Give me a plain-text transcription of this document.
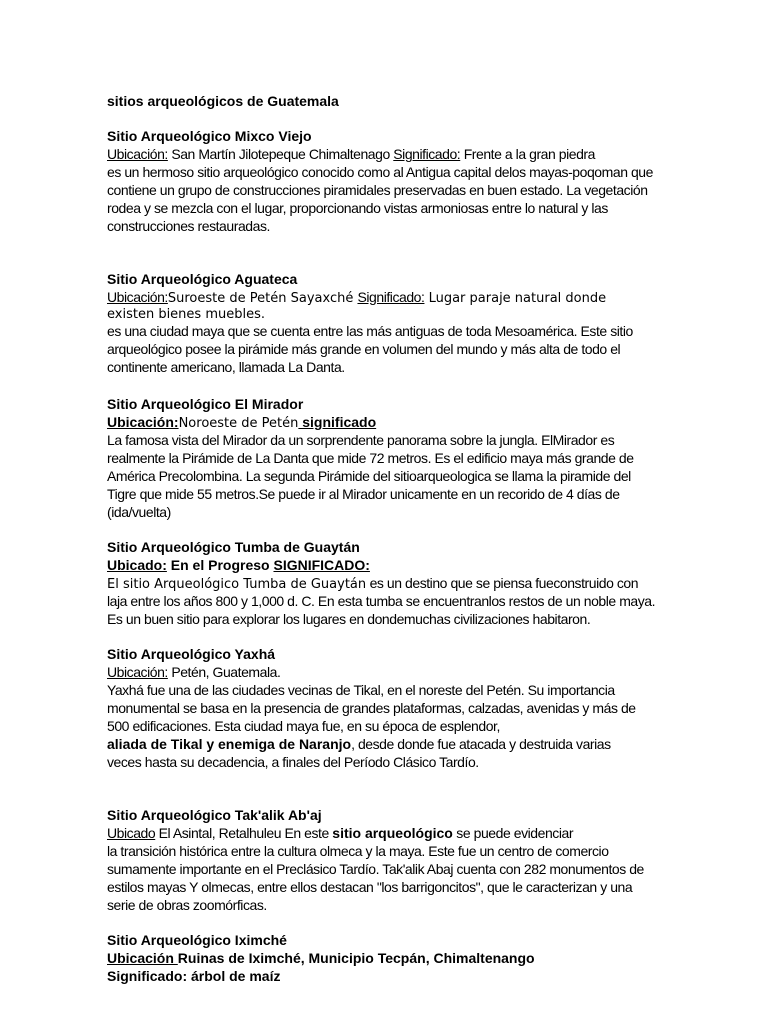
sitios arqueológicos de Guatemala
Sitio Arqueológico Mixco Viejo
Ubicación: San Martín Jilotepeque Chimaltenago Significado: Frente a la gran piedra
es un hermoso sitio arqueológico conocido como al Antigua capital delos mayas-poqoman que
contiene un grupo de construcciones piramidales preservadas en buen estado. La vegetación
rodea y se mezcla con el lugar, proporcionando vistas armoniosas entre lo natural y las
construcciones restauradas.
Sitio Arqueológico Aguateca
Ubicación:Suroeste de Petén Sayaxché Significado: Lugar paraje natural donde
existen bienes muebles.
es una ciudad maya que se cuenta entre las más antiguas de toda Mesoamérica. Este sitio
arqueológico posee la pirámide más grande en volumen del mundo y más alta de todo el
continente americano, llamada La Danta.
Sitio Arqueológico El Mirador
Ubicación:Noroeste de Petén significado
La famosa vista del Mirador da un sorprendente panorama sobre la jungla. ElMirador es
realmente la Pirámide de La Danta que mide 72 metros. Es el edificio maya más grande de
América Precolombina. La segunda Pirámide del sitioarqueologica se llama la piramide del
Tigre que mide 55 metros.Se puede ir al Mirador unicamente en un recorido de 4 días de
(ida/vuelta)
Sitio Arqueológico Tumba de Guaytán
Ubicado: En el Progreso SIGNIFICADO:
El sitio Arqueológico Tumba de Guaytán es un destino que se piensa fueconstruido con
laja entre los años 800 y 1,000 d. C. En esta tumba se encuentranlos restos de un noble maya.
Es un buen sitio para explorar los lugares en dondemuchas civilizaciones habitaron.
Sitio Arqueológico Yaxhá
Ubicación: Petén, Guatemala.
Yaxhá fue una de las ciudades vecinas de Tikal, en el noreste del Petén. Su importancia
monumental se basa en la presencia de grandes plataformas, calzadas, avenidas y más de
500 edificaciones. Esta ciudad maya fue, en su época de esplendor,
aliada de Tikal y enemiga de Naranjo, desde donde fue atacada y destruida varias
veces hasta su decadencia, a finales del Período Clásico Tardío.
Sitio Arqueológico Tak'alik Ab'aj
Ubicado El Asintal, Retalhuleu En este sitio arqueológico se puede evidenciar
la transición histórica entre la cultura olmeca y la maya. Este fue un centro de comercio
sumamente importante en el Preclásico Tardío. Tak'alik Abaj cuenta con 282 monumentos de
estilos mayas Y olmecas, entre ellos destacan "los barrigoncitos", que le caracterizan y una
serie de obras zoomórficas.
Sitio Arqueológico Iximché
Ubicación Ruinas de Iximché, Municipio Tecpán, Chimaltenango
Significado: árbol de maíz
